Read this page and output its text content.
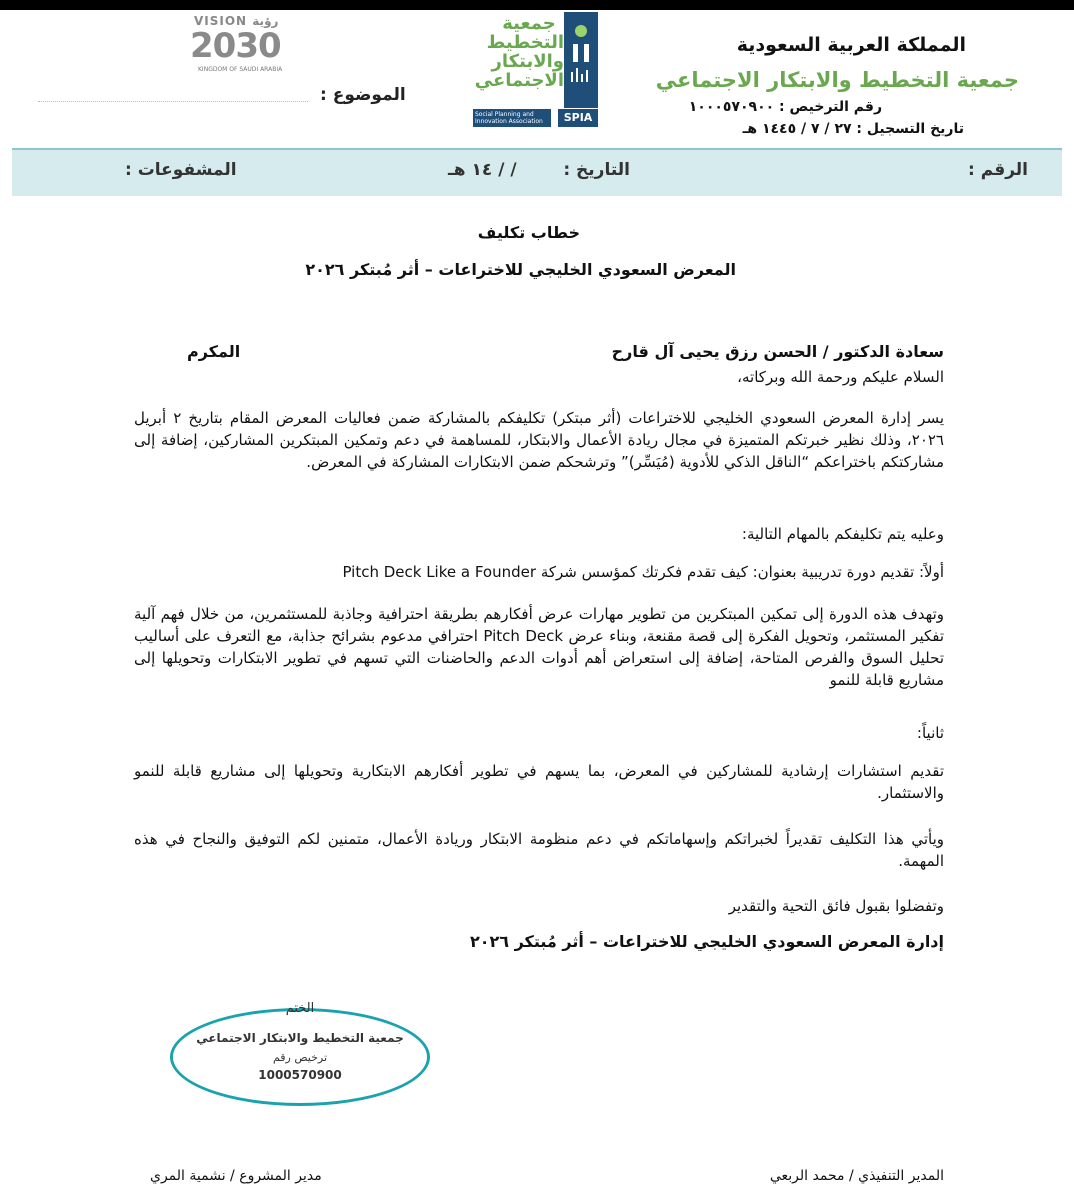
المملكة العربية السعودية
جمعية التخطيط والابتكار الاجتماعي
رقم الترخيص : ١٠٠٠٥٧٠٩٠٠
تاريخ التسجيل : ٢٧ / ٧ / ١٤٤٥ هـ
جمعية التخطيط والابتكار الاجتماعي
Social Planning and Innovation Association	SPIA
VISION رؤية
2030
KINGDOM OF SAUDI ARABIA
الموضوع :
الرقم :
التاريخ :
/ / ١٤ هـ
المشفوعات :
خطاب تكليف
المعرض السعودي الخليجي للاختراعات – أثر مُبتكر ٢٠٢٦
سعادة الدكتور / الحسن رزق يحيى آل قارح
المكرم
السلام عليكم ورحمة الله وبركاته،
يسر إدارة المعرض السعودي الخليجي للاختراعات (أثر مبتكر) تكليفكم بالمشاركة ضمن فعاليات المعرض المقام بتاريخ ٢ أبريل ٢٠٢٦، وذلك نظير خبرتكم المتميزة في مجال ريادة الأعمال والابتكار، للمساهمة في دعم وتمكين المبتكرين المشاركين، إضافة إلى مشاركتكم باختراعكم “الناقل الذكي للأدوية (مُيَسِّر)” وترشحكم ضمن الابتكارات المشاركة في المعرض.
وعليه يتم تكليفكم بالمهام التالية:
أولاً: تقديم دورة تدريبية بعنوان: كيف تقدم فكرتك كمؤسس شركة Pitch Deck Like a Founder
وتهدف هذه الدورة إلى تمكين المبتكرين من تطوير مهارات عرض أفكارهم بطريقة احترافية وجاذبة للمستثمرين، من خلال فهم آلية تفكير المستثمر، وتحويل الفكرة إلى قصة مقنعة، وبناء عرض Pitch Deck احترافي مدعوم بشرائح جذابة، مع التعرف على أساليب تحليل السوق والفرص المتاحة، إضافة إلى استعراض أهم أدوات الدعم والحاضنات التي تسهم في تطوير الابتكارات وتحويلها إلى مشاريع قابلة للنمو
ثانياً:
تقديم استشارات إرشادية للمشاركين في المعرض، بما يسهم في تطوير أفكارهم الابتكارية وتحويلها إلى مشاريع قابلة للنمو والاستثمار.
ويأتي هذا التكليف تقديراً لخبراتكم وإسهاماتكم في دعم منظومة الابتكار وريادة الأعمال، متمنين لكم التوفيق والنجاح في هذه المهمة.
وتفضلوا بقبول فائق التحية والتقدير
إدارة المعرض السعودي الخليجي للاختراعات – أثر مُبتكر ٢٠٢٦
الختم
جمعية التخطيط والابتكار الاجتماعي
ترخيص رقم
1000570900
المدير التنفيذي / محمد الربعي
مدير المشروع / نشمية المري
